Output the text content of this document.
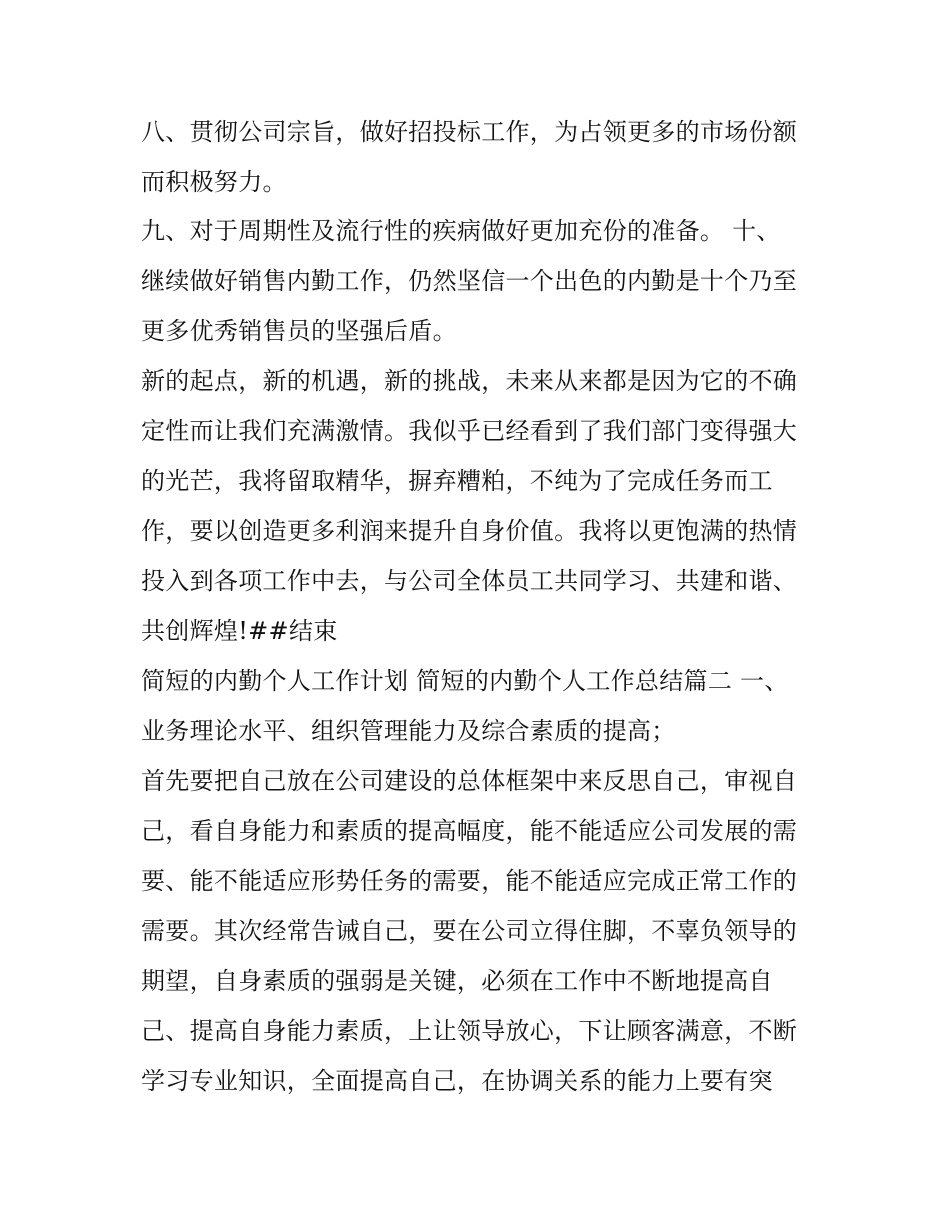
八、贯彻公司宗旨，做好招投标工作，为占领更多的市场份额
而积极努力。
九、对于周期性及流行性的疾病做好更加充份的准备。 十、
继续做好销售内勤工作，仍然坚信一个出色的内勤是十个乃至
更多优秀销售员的坚强后盾。
新的起点，新的机遇，新的挑战，未来从来都是因为它的不确
定性而让我们充满激情。我似乎已经看到了我们部门变得强大
的光芒，我将留取精华，摒弃糟粕，不纯为了完成任务而工
作，要以创造更多利润来提升自身价值。我将以更饱满的热情
投入到各项工作中去，与公司全体员工共同学习、共建和谐、
共创辉煌!##结束
简短的内勤个人工作计划 简短的内勤个人工作总结篇二 一、
业务理论水平、组织管理能力及综合素质的提高；
首先要把自己放在公司建设的总体框架中来反思自己，审视自
己，看自身能力和素质的提高幅度，能不能适应公司发展的需
要、能不能适应形势任务的需要，能不能适应完成正常工作的
需要。其次经常告诫自己，要在公司立得住脚，不辜负领导的
期望，自身素质的强弱是关键，必须在工作中不断地提高自
己、提高自身能力素质，上让领导放心，下让顾客满意，不断
学习专业知识，全面提高自己，在协调关系的能力上要有突
